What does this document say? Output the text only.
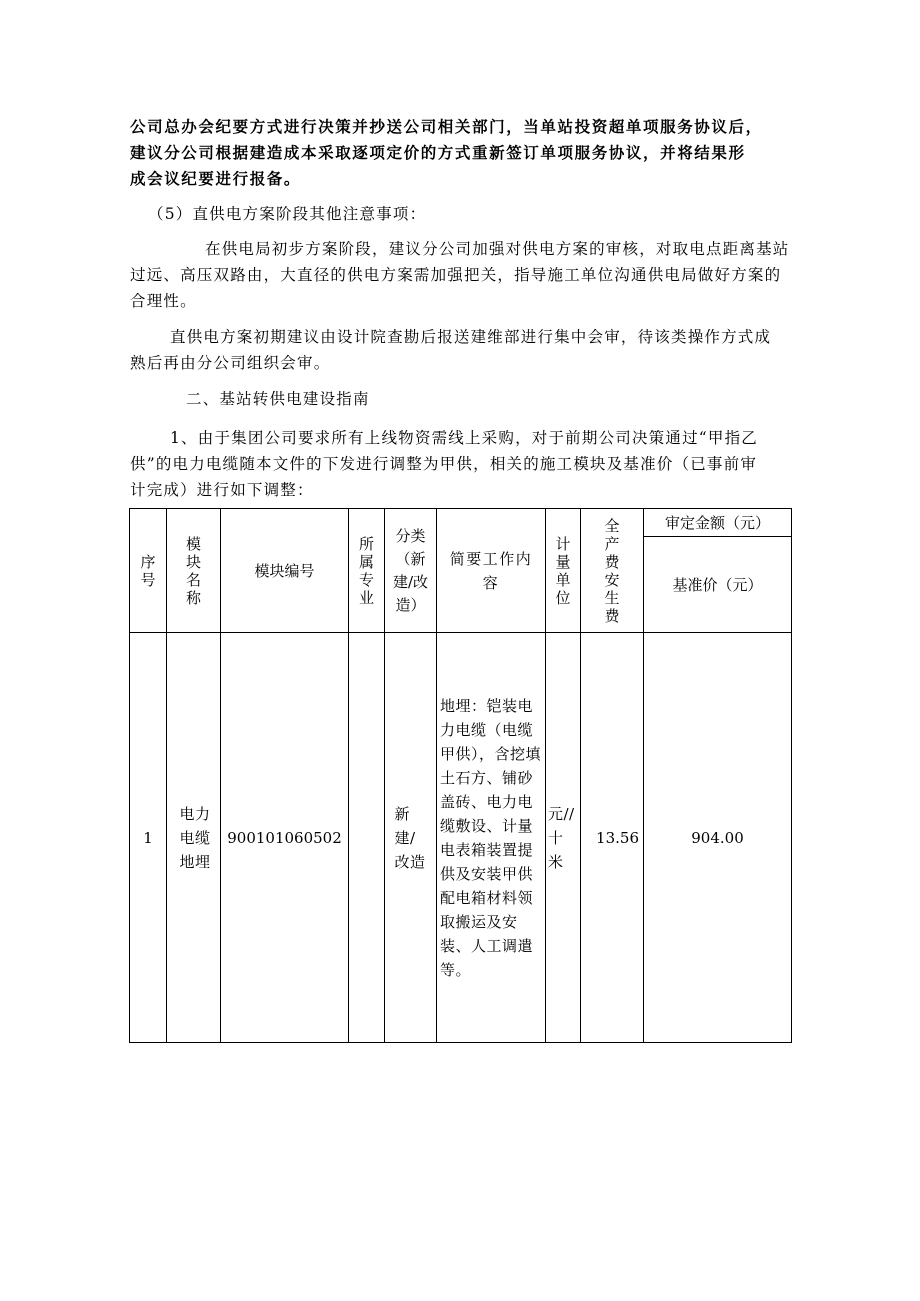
公司总办会纪要方式进行决策并抄送公司相关部门，当单站投资超单项服务协议后，
建议分公司根据建造成本采取逐项定价的方式重新签订单项服务协议，并将结果形
成会议纪要进行报备。
（5）直供电方案阶段其他注意事项：
在供电局初步方案阶段，建议分公司加强对供电方案的审核，对取电点距离基站
过远、高压双路由，大直径的供电方案需加强把关，指导施工单位沟通供电局做好方案的
合理性。
直供电方案初期建议由设计院查勘后报送建维部进行集中会审，待该类操作方式成
熟后再由分公司组织会审。
二、基站转供电建设指南
1、由于集团公司要求所有上线物资需线上采购，对于前期公司决策通过“甲指乙
供”的电力电缆随本文件的下发进行调整为甲供，相关的施工模块及基准价（已事前审
计完成）进行如下调整：
序号	模块名称	模块编号	所属专业	分类（新建/改造）	简要工作内容	计量单位	全产费安生费	审定金额（元）
								基准价（元）
1	电力电缆地埋	900101060502		新建/改造	地埋：铠装电力电缆（电缆甲供），含挖填土石方、铺砂盖砖、电力电缆敷设、计量电表箱装置提供及安装甲供配电箱材料领取搬运及安装、人工调遣等。	元//十米	13.56	904.00
